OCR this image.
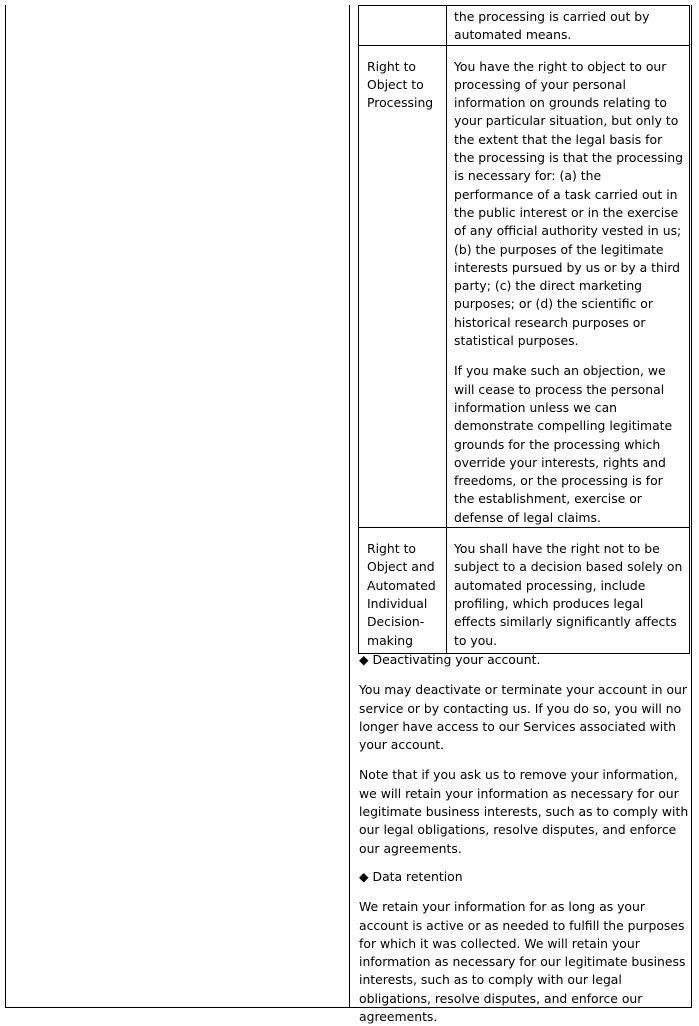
	the processing is carried out by automated means.

Right to Object to Processing	You have the right to object to our processing of your personal information on grounds relating to your particular situation, but only to the extent that the legal basis for the processing is that the processing is necessary for: (a) the performance of a task carried out in the public interest or in the exercise of any official authority vested in us; (b) the purposes of the legitimate interests pursued by us or by a third party; (c) the direct marketing purposes; or (d) the scientific or historical research purposes or statistical purposes.

If you make such an objection, we will cease to process the personal information unless we can demonstrate compelling legitimate grounds for the processing which override your interests, rights and freedoms, or the processing is for the establishment, exercise or defense of legal claims.

Right to Object and Automated Individual Decision-making	You shall have the right not to be subject to a decision based solely on automated processing, include profiling, which produces legal effects similarly significantly affects to you.

◆ Deactivating your account.

You may deactivate or terminate your account in our service or by contacting us. If you do so, you will no longer have access to our Services associated with your account.

Note that if you ask us to remove your information, we will retain your information as necessary for our legitimate business interests, such as to comply with our legal obligations, resolve disputes, and enforce our agreements.

◆ Data retention

We retain your information for as long as your account is active or as needed to fulfill the purposes for which it was collected. We will retain your information as necessary for our legitimate business interests, such as to comply with our legal obligations, resolve disputes, and enforce our agreements.
